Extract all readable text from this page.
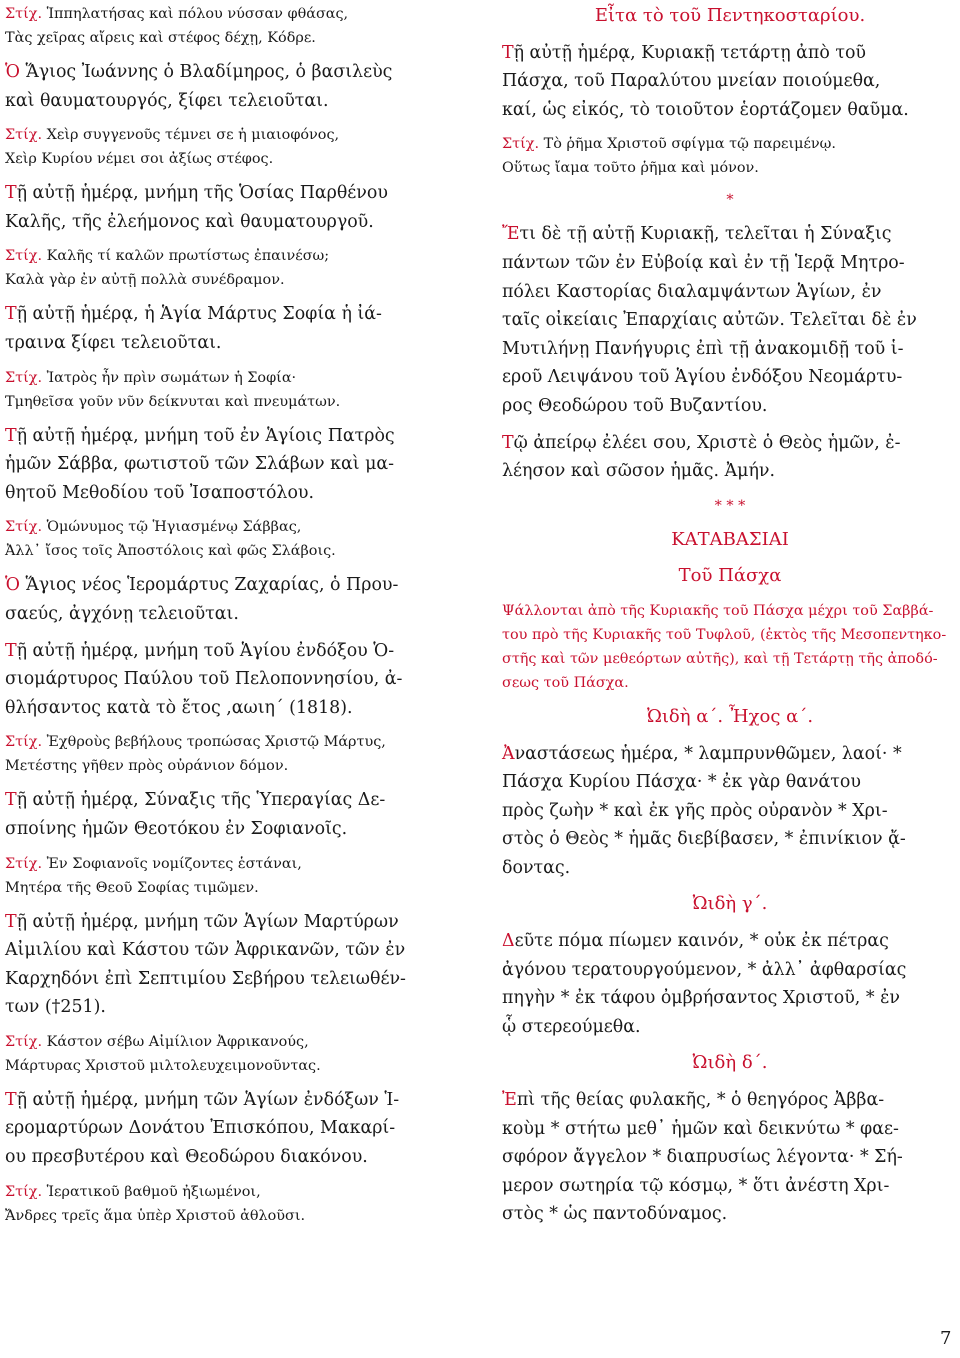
Στίχ. Ἱππηλατήσας καὶ πόλου νύσσαν φθάσας,
Τὰς χεῖρας αἴρεις καὶ στέφος δέχῃ, Κόδρε.
Ὁ Ἅγιος Ἰωάννης ὁ Βλαδίμηρος, ὁ βασιλεὺς
καὶ θαυματουργός, ξίφει τελειοῦται.
Στίχ. Χεὶρ συγγενοῦς τέμνει σε ἡ μιαιοφόνος,
Χεὶρ Κυρίου νέμει σοι ἀξίως στέφος.
Τῇ αὐτῇ ἡμέρᾳ, μνήμη τῆς Ὁσίας Παρθένου
Καλῆς, τῆς ἐλεήμονος καὶ θαυματουργοῦ.
Στίχ. Καλῆς τί καλῶν πρωτίστως ἐπαινέσω;
Καλὰ γὰρ ἐν αὐτῇ πολλὰ συνέδραμον.
Τῇ αὐτῇ ἡμέρᾳ, ἡ Ἁγία Μάρτυς Σοφία ἡ ἰά-
τραινα ξίφει τελειοῦται.
Στίχ. Ἰατρὸς ἦν πρὶν σωμάτων ἡ Σοφία·
Τμηθεῖσα γοῦν νῦν δείκνυται καὶ πνευμάτων.
Τῇ αὐτῇ ἡμέρᾳ, μνήμη τοῦ ἐν Ἁγίοις Πατρὸς
ἡμῶν Σάββα, φωτιστοῦ τῶν Σλάβων καὶ μα-
θητοῦ Μεθοδίου τοῦ Ἰσαποστόλου.
Στίχ. Ὁμώνυμος τῷ Ἡγιασμένῳ Σάββας,
Ἀλλ᾽ ἴσος τοῖς Ἀποστόλοις καὶ φῶς Σλάβοις.
Ὁ Ἅγιος νέος Ἱερομάρτυς Ζαχαρίας, ὁ Πρου-
σαεύς, ἀγχόνῃ τελειοῦται.
Τῇ αὐτῇ ἡμέρᾳ, μνήμη τοῦ Ἁγίου ἐνδόξου Ὁ-
σιομάρτυρος Παύλου τοῦ Πελοποννησίου, ἀ-
θλήσαντος κατὰ τὸ ἔτος ,αωιη΄ (1818).
Στίχ. Ἐχθροὺς βεβήλους τροπώσας Χριστῷ Μάρτυς,
Μετέστης γῆθεν πρὸς οὐράνιον δόμον.
Τῇ αὐτῇ ἡμέρᾳ, Σύναξις τῆς Ὑπεραγίας Δε-
σποίνης ἡμῶν Θεοτόκου ἐν Σοφιανοῖς.
Στίχ. Ἐν Σοφιανοῖς νομίζοντες ἑστάναι,
Μητέρα τῆς Θεοῦ Σοφίας τιμῶμεν.
Τῇ αὐτῇ ἡμέρᾳ, μνήμη τῶν Ἁγίων Μαρτύρων
Αἰμιλίου καὶ Κάστου τῶν Ἀφρικανῶν, τῶν ἐν
Καρχηδόνι ἐπὶ Σεπτιμίου Σεβήρου τελειωθέν-
των (†251).
Στίχ. Κάστον σέβω Αἰμίλιον Ἀφρικανούς,
Μάρτυρας Χριστοῦ μιλτολευχειμονοῦντας.
Τῇ αὐτῇ ἡμέρᾳ, μνήμη τῶν Ἁγίων ἐνδόξων Ἱ-
ερομαρτύρων Δονάτου Ἐπισκόπου, Μακαρί-
ου πρεσβυτέρου καὶ Θεοδώρου διακόνου.
Στίχ. Ἱερατικοῦ βαθμοῦ ἠξιωμένοι,
Ἄνδρες τρεῖς ἅμα ὑπὲρ Χριστοῦ ἀθλοῦσι.
Εἶτα τὸ τοῦ Πεντηκοσταρίου.
Τῇ αὐτῇ ἡμέρᾳ, Κυριακῇ τετάρτῃ ἀπὸ τοῦ
Πάσχα, τοῦ Παραλύτου μνείαν ποιούμεθα,
καί, ὡς εἰκός, τὸ τοιοῦτον ἑορτάζομεν θαῦμα.
Στίχ. Τὸ ῥῆμα Χριστοῦ σφίγμα τῷ παρειμένῳ.
Οὕτως ἴαμα τοῦτο ῥῆμα καὶ μόνον.
*
Ἔτι δὲ τῇ αὐτῇ Κυριακῇ, τελεῖται ἡ Σύναξις
πάντων τῶν ἐν Εὐβοίᾳ καὶ ἐν τῇ Ἱερᾷ Μητρο-
πόλει Καστορίας διαλαμψάντων Ἁγίων, ἐν
ταῖς οἰκείαις Ἐπαρχίαις αὐτῶν. Τελεῖται δὲ ἐν
Μυτιλήνῃ Πανήγυρις ἐπὶ τῇ ἀνακομιδῇ τοῦ ἱ-
εροῦ Λειψάνου τοῦ Ἁγίου ἐνδόξου Νεομάρτυ-
ρος Θεοδώρου τοῦ Βυζαντίου.
Τῷ ἀπείρῳ ἐλέει σου, Χριστὲ ὁ Θεὸς ἡμῶν, ἐ-
λέησον καὶ σῶσον ἡμᾶς. Ἀμήν.
* * *
ΚΑΤΑΒΑΣΙΑΙ
Τοῦ Πάσχα
Ψάλλονται ἀπὸ τῆς Κυριακῆς τοῦ Πάσχα μέχρι τοῦ Σαββά-
του πρὸ τῆς Κυριακῆς τοῦ Τυφλοῦ, (ἐκτὸς τῆς Μεσοπεντηκο-
στῆς καὶ τῶν μεθεόρτων αὐτῆς), καὶ τῇ Τετάρτῃ τῆς ἀποδό-
σεως τοῦ Πάσχα.
Ὠιδὴ α΄. Ἦχος α΄.
Ἀναστάσεως ἡμέρα, * λαμπρυνθῶμεν, λαοί· *
Πάσχα Κυρίου Πάσχα· * ἐκ γὰρ θανάτου
πρὸς ζωὴν * καὶ ἐκ γῆς πρὸς οὐρανὸν * Χρι-
στὸς ὁ Θεὸς * ἡμᾶς διεβίβασεν, * ἐπινίκιον ᾄ-
δοντας.
Ὠιδὴ γ΄.
Δεῦτε πόμα πίωμεν καινόν, * οὐκ ἐκ πέτρας
ἀγόνου τερατουργούμενον, * ἀλλ᾽ ἀφθαρσίας
πηγὴν * ἐκ τάφου ὀμβρήσαντος Χριστοῦ, * ἐν
ᾧ στερεούμεθα.
Ὠιδὴ δ΄.
Ἐπὶ τῆς θείας φυλακῆς, * ὁ θεηγόρος Ἀββα-
κοὺμ * στήτω μεθ᾽ ἡμῶν καὶ δεικνύτω * φαε-
σφόρον ἄγγελον * διαπρυσίως λέγοντα· * Σή-
μερον σωτηρία τῷ κόσμῳ, * ὅτι ἀνέστη Χρι-
στὸς * ὡς παντοδύναμος.
7
